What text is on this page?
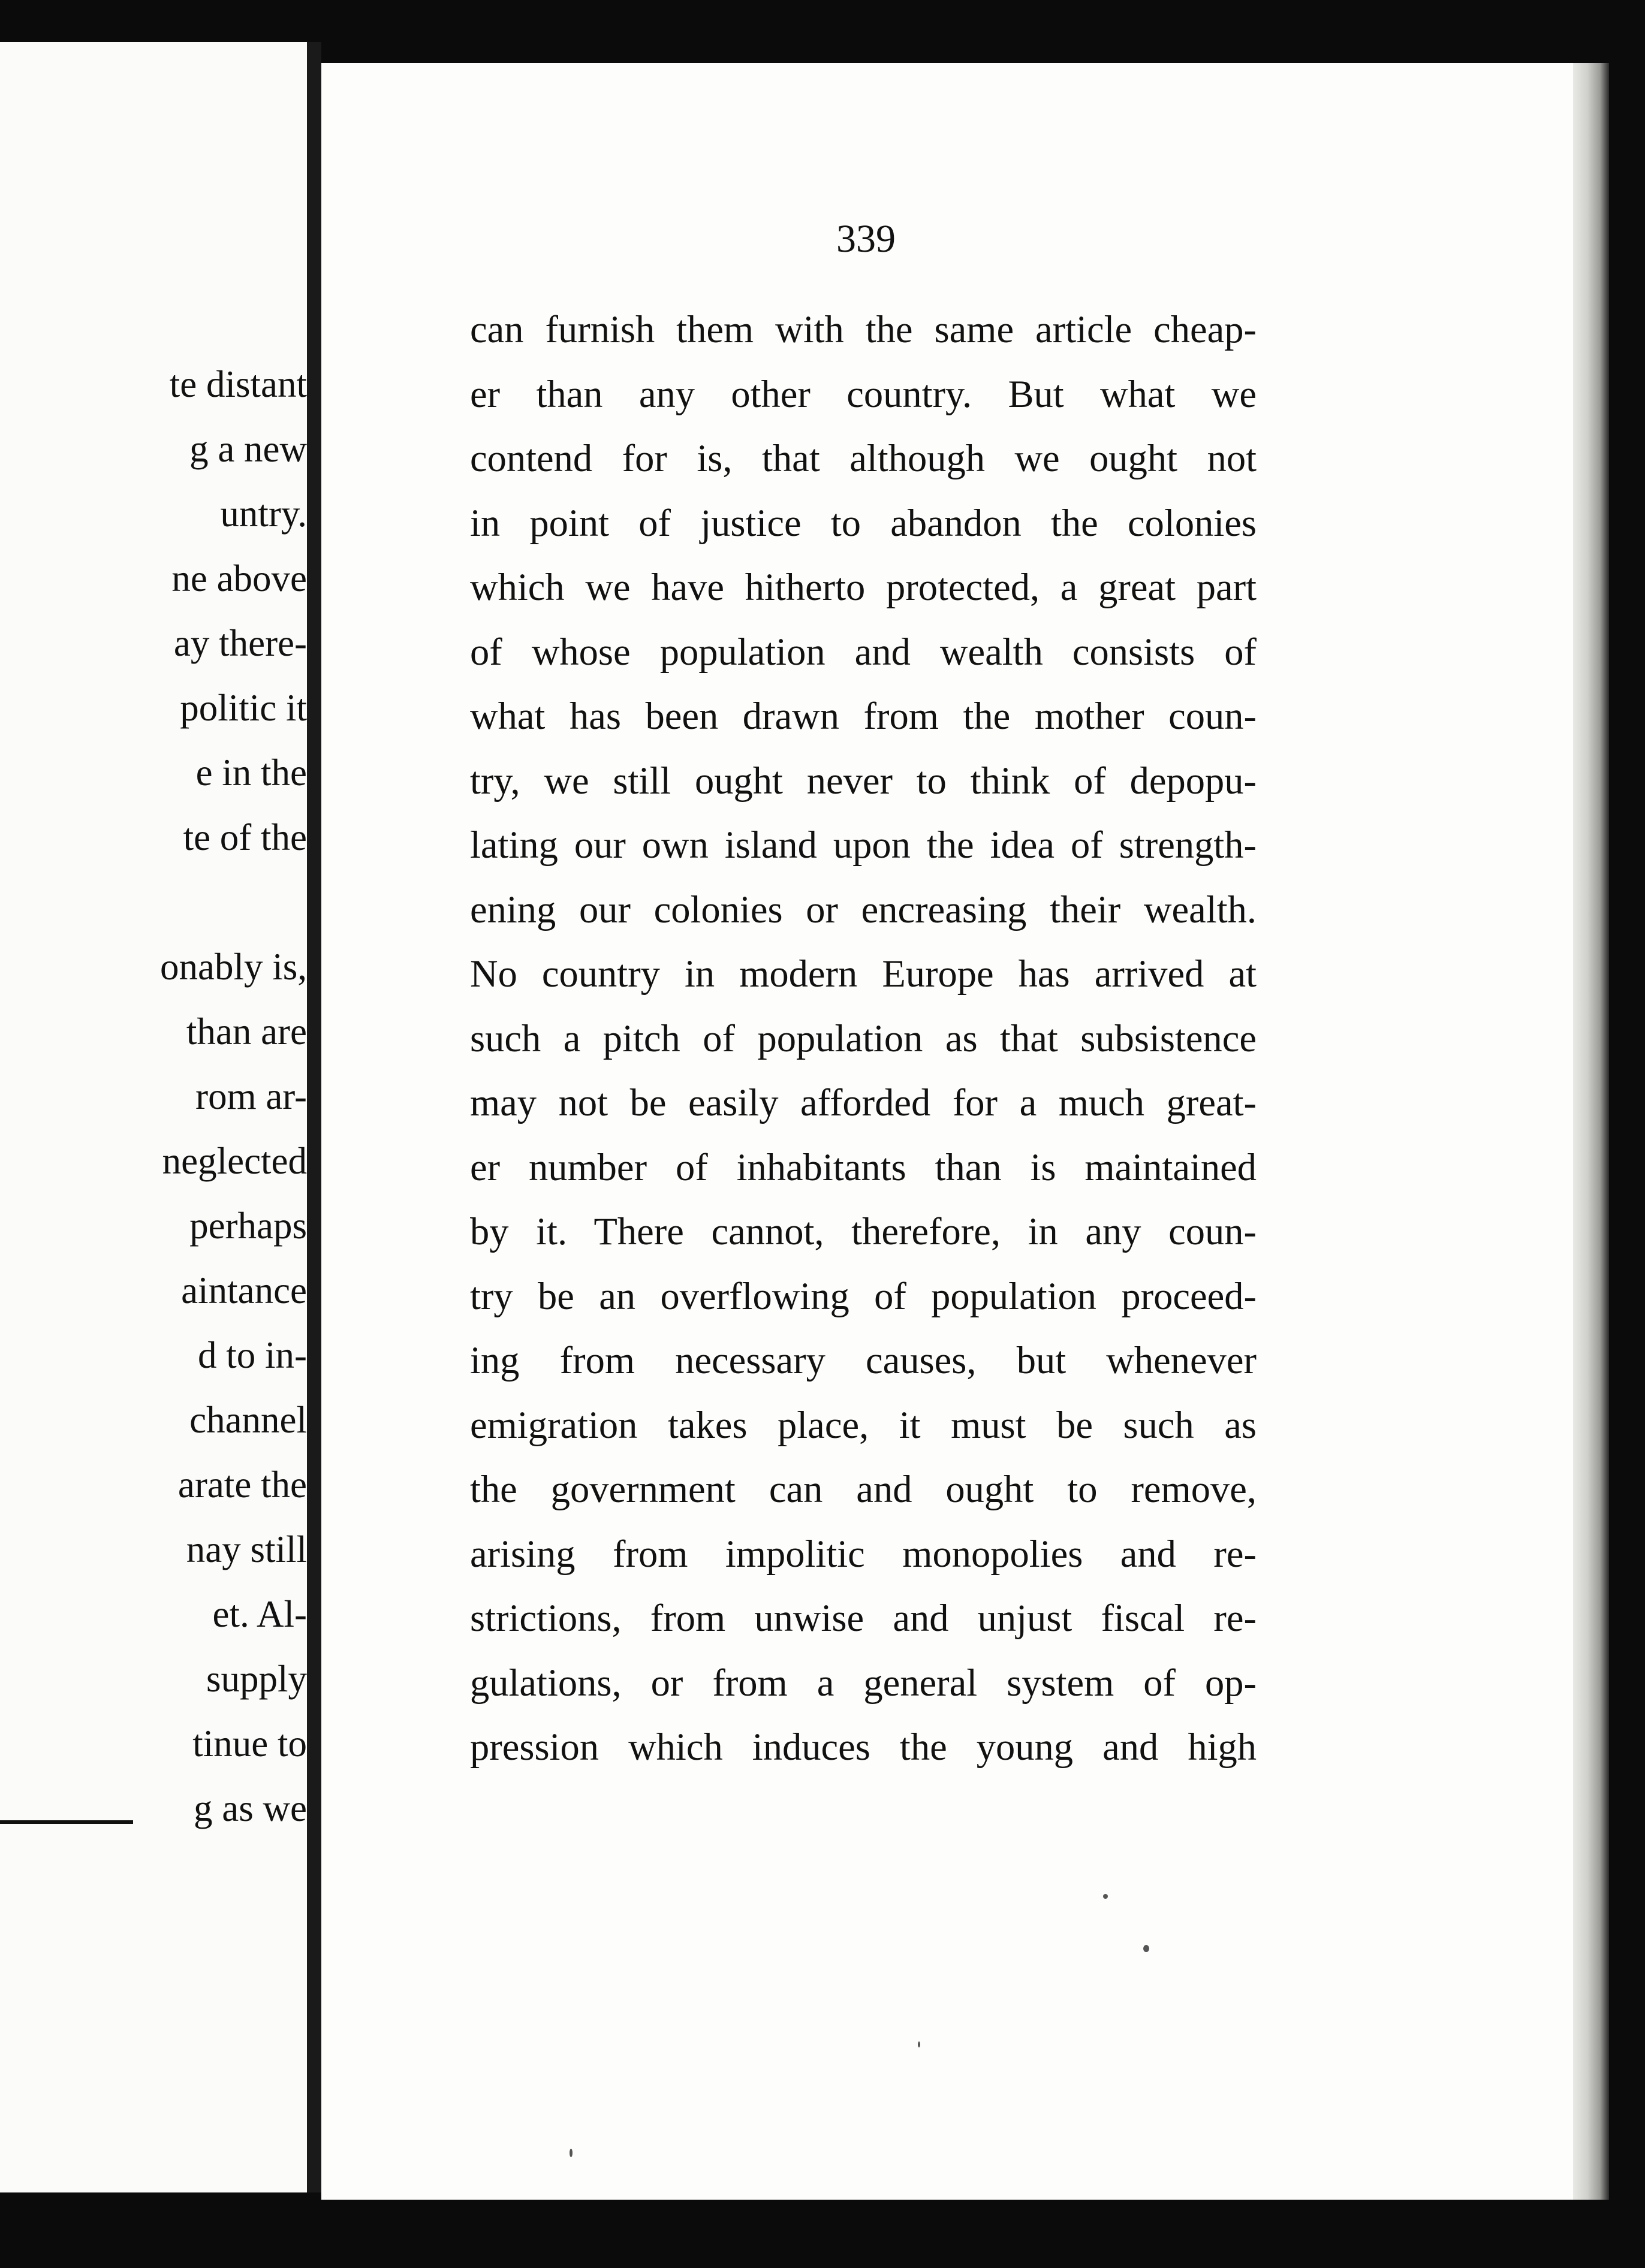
te distant
g a new
untry.
ne above
ay there-
politic it
e in the
te of the
onably is,
than are
rom ar-
neglected
perhaps
aintance
d to in-
channel
arate the
nay still
et. Al-
supply
tinue to
g as we
339
can furnish them with the same article cheap-
er than any other country. But what we
contend for is, that although we ought not
in point of justice to abandon the colonies
which we have hitherto protected, a great part
of whose population and wealth consists of
what has been drawn from the mother coun-
try, we still ought never to think of depopu-
lating our own island upon the idea of strength-
ening our colonies or encreasing their wealth.
No country in modern Europe has arrived at
such a pitch of population as that subsistence
may not be easily afforded for a much great-
er number of inhabitants than is maintained
by it. There cannot, therefore, in any coun-
try be an overflowing of population proceed-
ing from necessary causes, but whenever
emigration takes place, it must be such as
the government can and ought to remove,
arising from impolitic monopolies and re-
strictions, from unwise and unjust fiscal re-
gulations, or from a general system of op-
pression which induces the young and high
